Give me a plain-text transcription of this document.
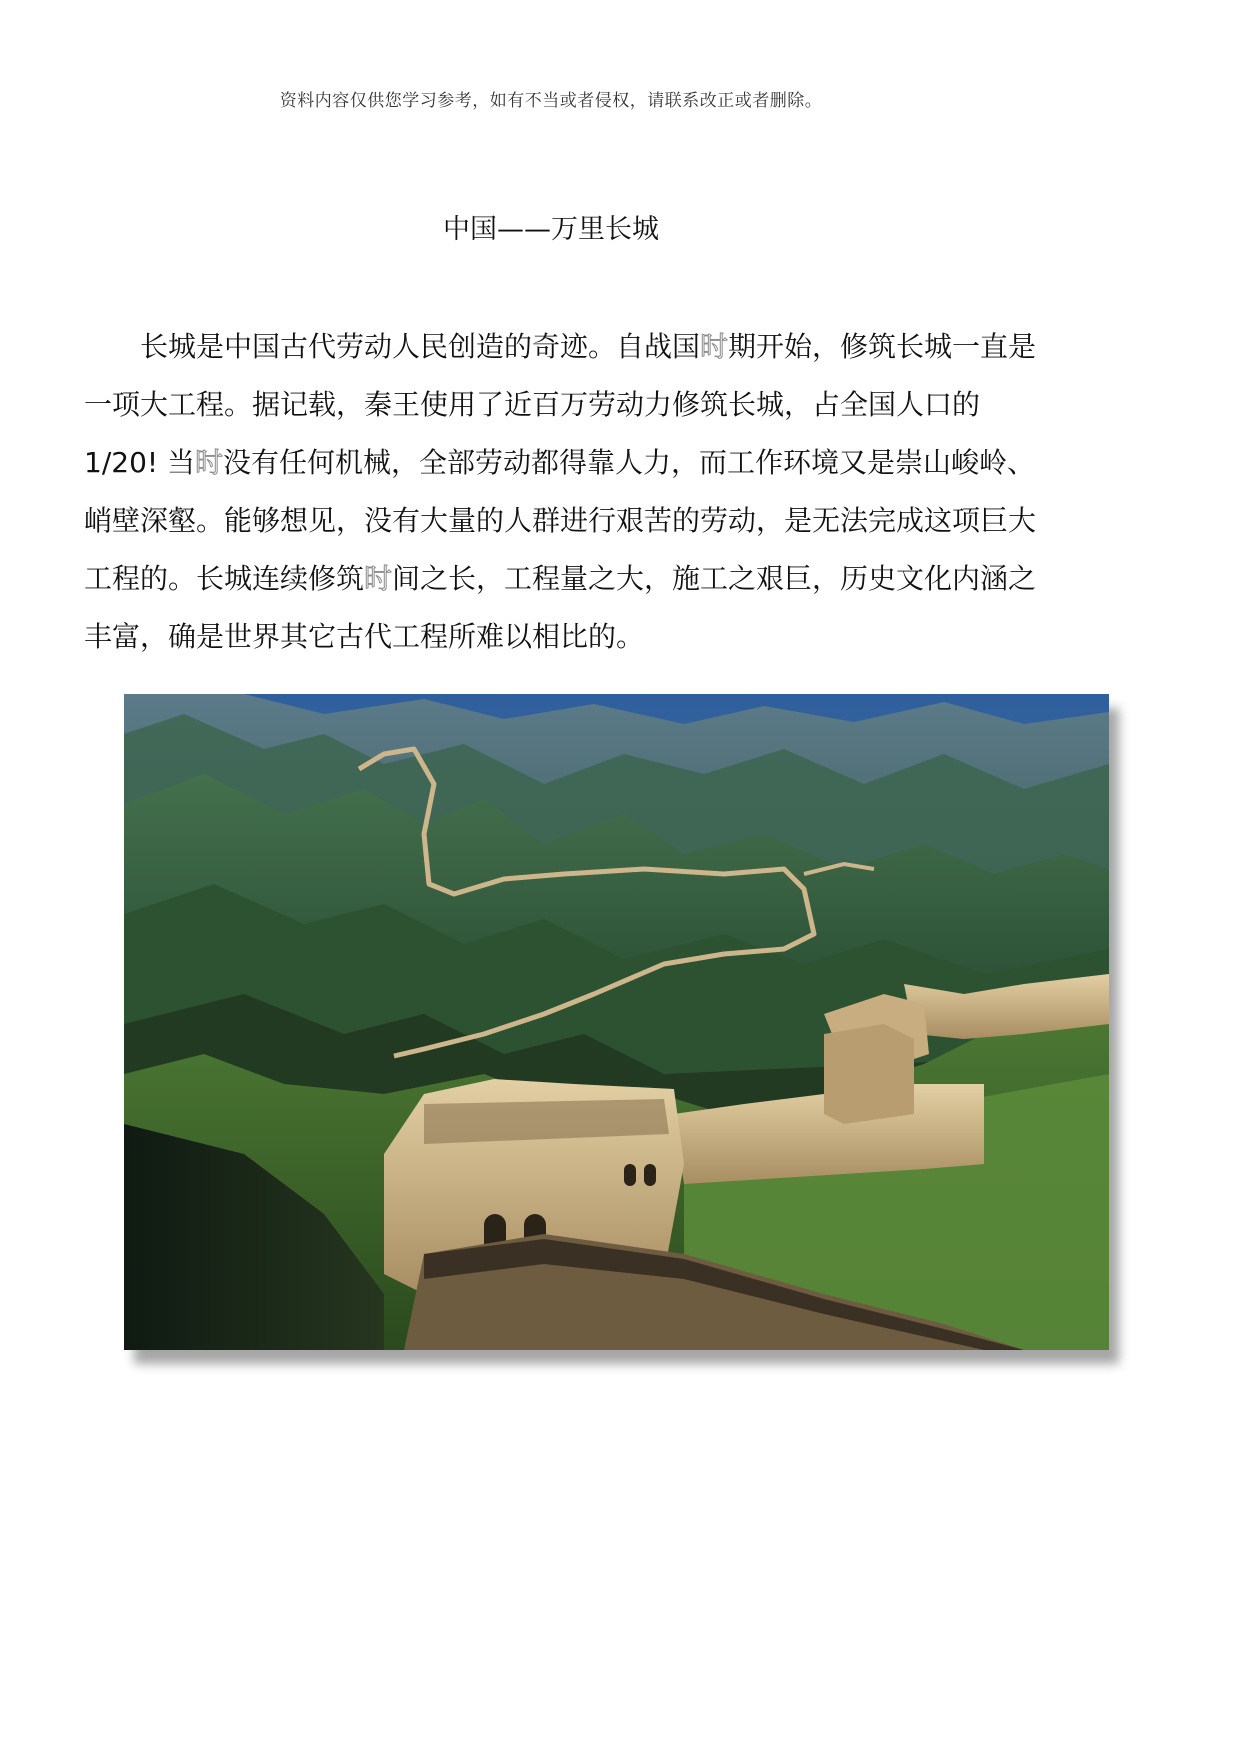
资料内容仅供您学习参考，如有不当或者侵权，请联系改正或者删除。
中国——万里长城

长城是中国古代劳动人民创造的奇迹。自战国时期开始，修筑长城一直是一项大工程。据记载，秦王使用了近百万劳动力修筑长城，占全国人口的 1/20! 当时没有任何机械，全部劳动都得靠人力，而工作环境又是崇山峻岭、 峭壁深壑。能够想见，没有大量的人群进行艰苦的劳动，是无法完成这项巨大工程的。长城连续修筑时间之长，工程量之大，施工之艰巨，历史文化内涵之丰富，确是世界其它古代工程所难以相比的。
